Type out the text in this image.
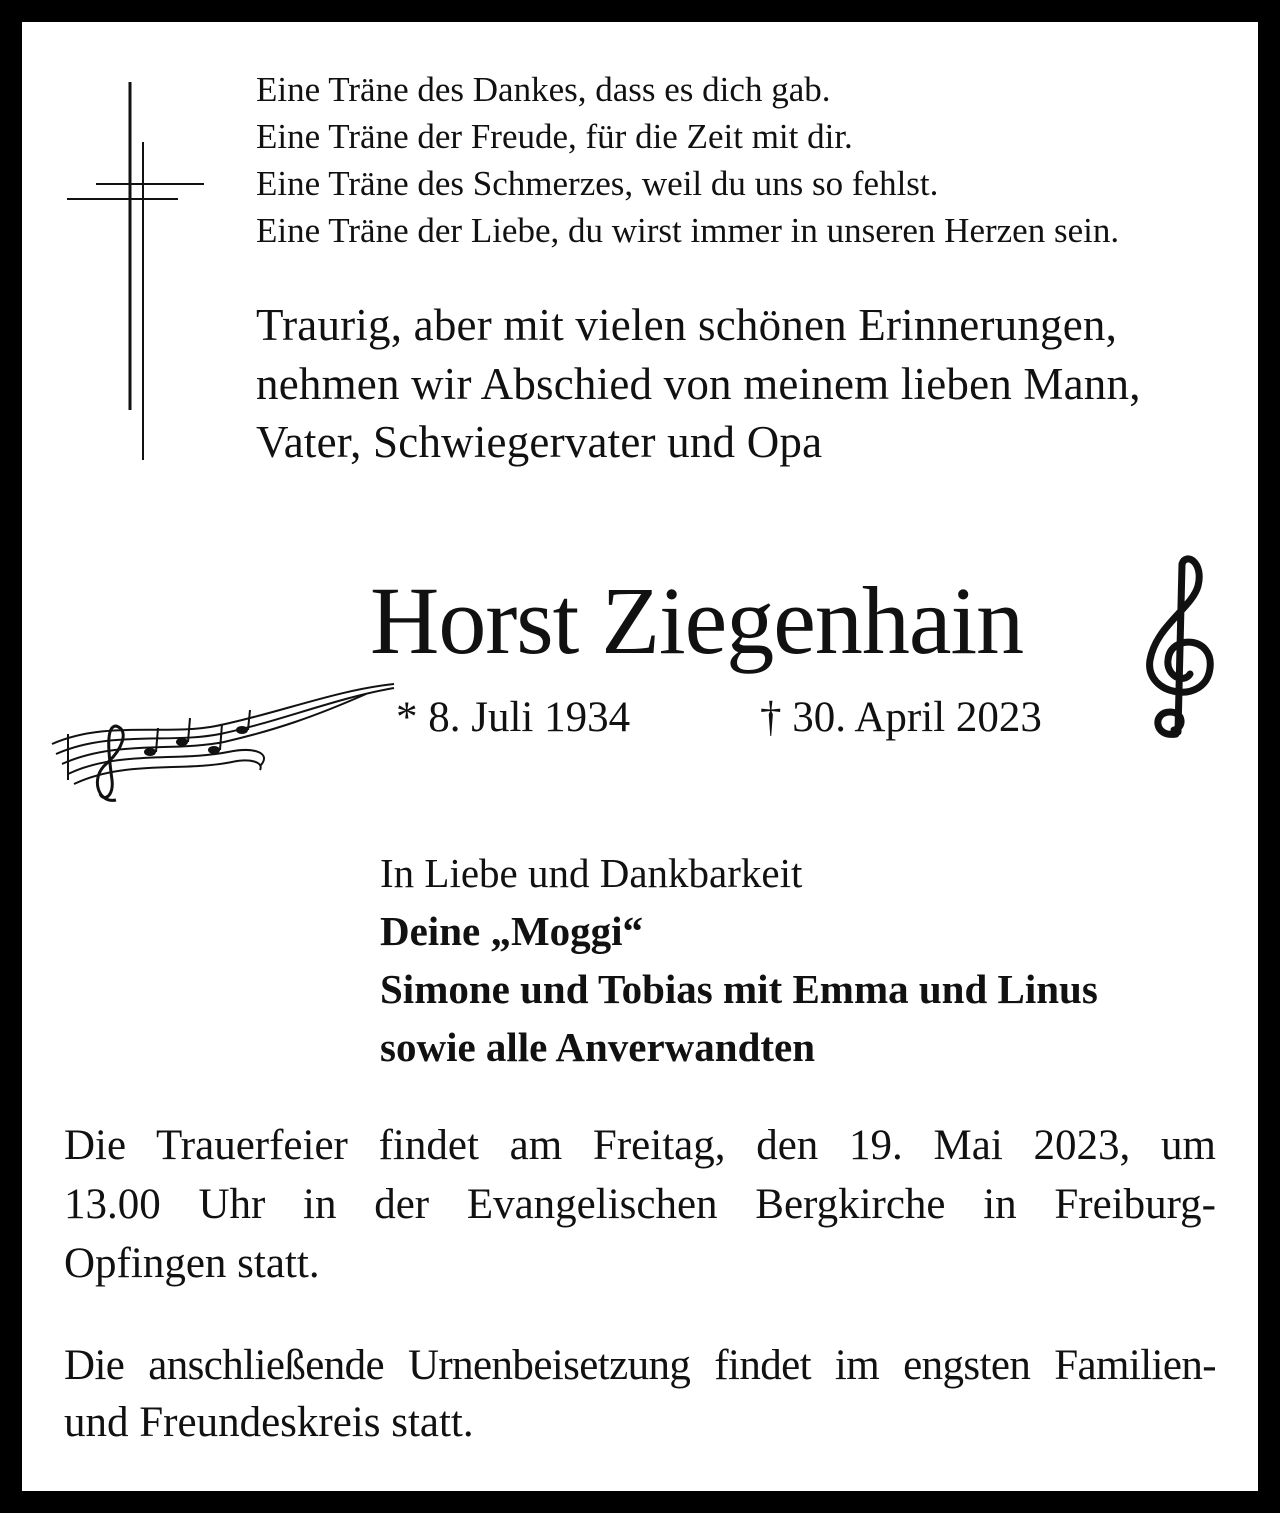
Eine Träne des Dankes, dass es dich gab.
Eine Träne der Freude, für die Zeit mit dir.
Eine Träne des Schmerzes, weil du uns so fehlst.
Eine Träne der Liebe, du wirst immer in unseren Herzen sein.
Traurig, aber mit vielen schönen Erinnerungen,
nehmen wir Abschied von meinem lieben Mann,
Vater, Schwiegervater und Opa
Horst Ziegenhain
* 8. Juli 1934	† 30. April 2023
In Liebe und Dankbarkeit
Deine „Moggi“
Simone und Tobias mit Emma und Linus
sowie alle Anverwandten
Die Trauerfeier findet am Freitag, den 19. Mai 2023, um
13.00 Uhr in der Evangelischen Bergkirche in Freiburg-
Opfingen statt.
Die anschließende Urnenbeisetzung findet im engsten Familien-
und Freundeskreis statt.
